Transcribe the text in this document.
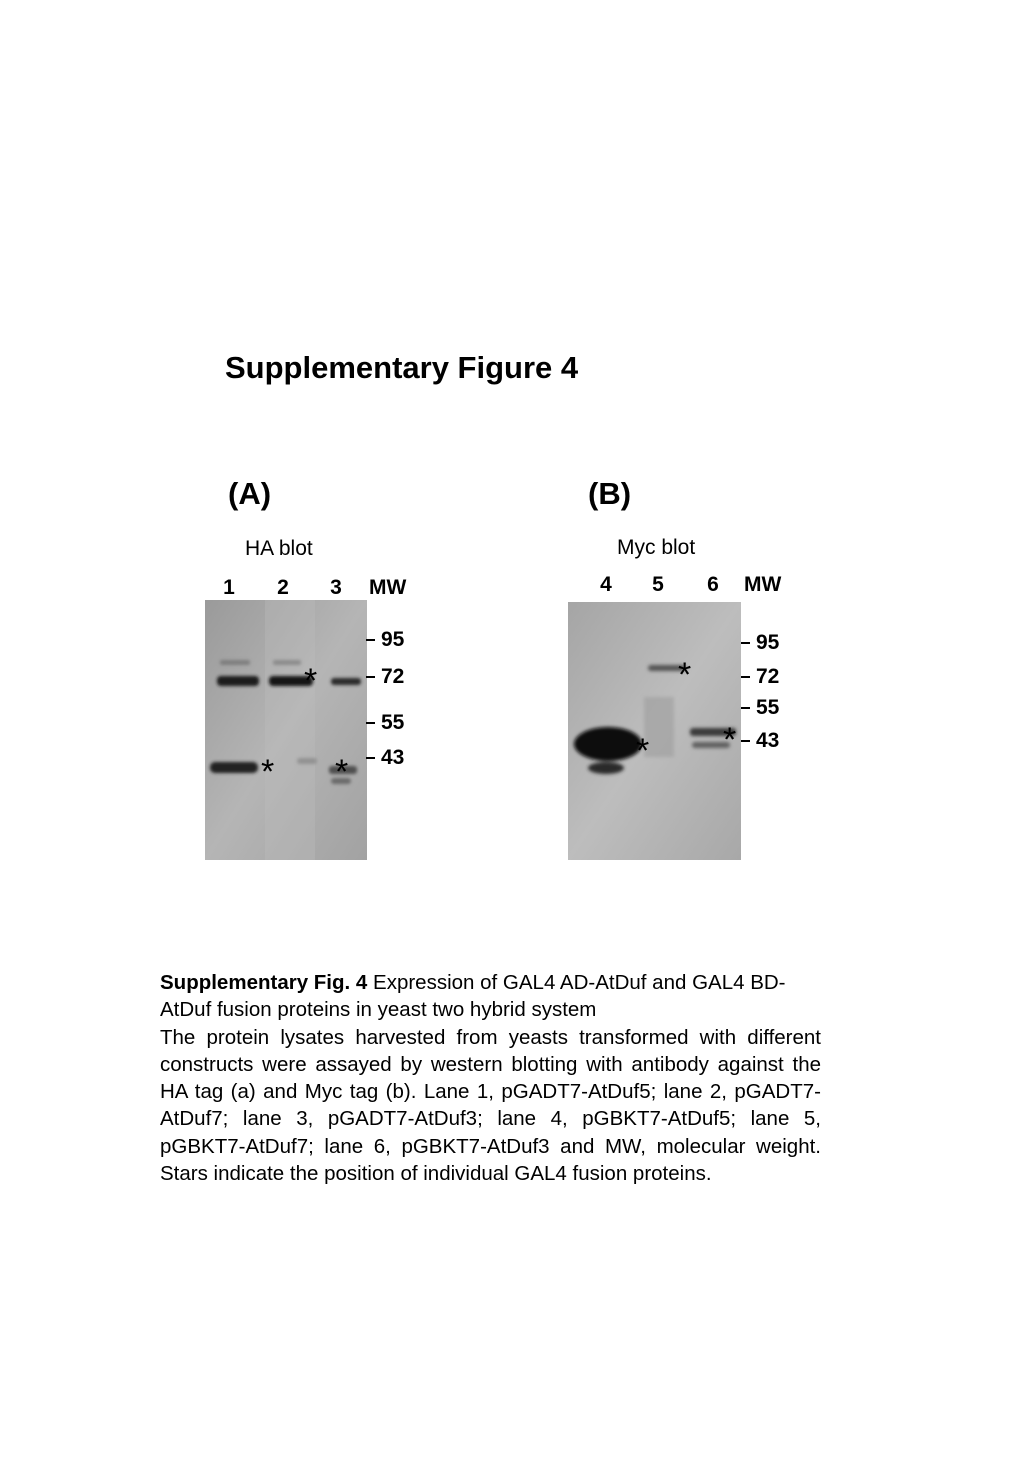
Supplementary Figure 4
(A)
HA blot
1	2	3	MW
*
* *
95
72
55
43
(B)
Myc blot
4	5	6	MW
*
* *
95
72
55
43

Supplementary Fig. 4 Expression of GAL4 AD-AtDuf and GAL4 BD-AtDuf fusion proteins in yeast two hybrid system

The protein lysates harvested from yeasts transformed with different constructs were assayed by western blotting with antibody against the HA tag (a) and Myc tag (b). Lane 1, pGADT7-AtDuf5; lane 2, pGADT7-AtDuf7; lane 3, pGADT7-AtDuf3; lane 4, pGBKT7-AtDuf5; lane 5, pGBKT7-AtDuf7; lane 6, pGBKT7-AtDuf3 and MW, molecular weight. Stars indicate the position of individual GAL4 fusion proteins.
